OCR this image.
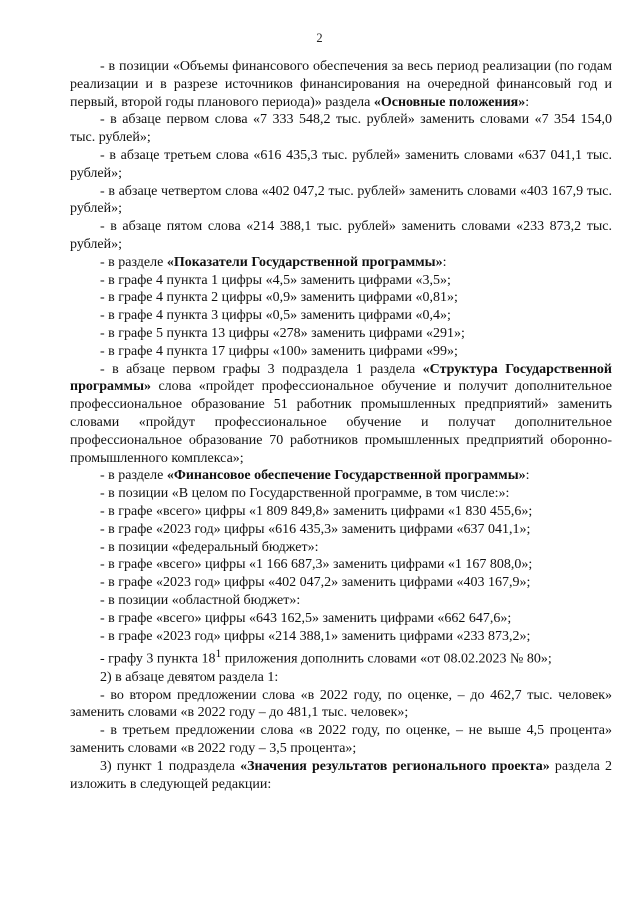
2

- в позиции «Объемы финансового обеспечения за весь период реализации (по годам реализации и в разрезе источников финансирования на очередной финансовый год и первый, второй годы планового периода)» раздела «Основные положения»:

- в абзаце первом слова «7 333 548,2 тыс. рублей» заменить словами «7 354 154,0 тыс. рублей»;

- в абзаце третьем слова «616 435,3 тыс. рублей» заменить словами «637 041,1 тыс. рублей»;

- в абзаце четвертом слова «402 047,2 тыс. рублей» заменить словами «403 167,9 тыс. рублей»;

- в абзаце пятом слова «214 388,1 тыс. рублей» заменить словами «233 873,2 тыс. рублей»;

- в разделе «Показатели Государственной программы»:

- в графе 4 пункта 1 цифры «4,5» заменить цифрами «3,5»;

- в графе 4 пункта 2 цифры «0,9» заменить цифрами «0,81»;

- в графе 4 пункта 3 цифры «0,5» заменить цифрами «0,4»;

- в графе 5 пункта 13 цифры «278» заменить цифрами «291»;

- в графе 4 пункта 17 цифры «100» заменить цифрами «99»;

- в абзаце первом графы 3 подраздела 1 раздела «Структура Государственной программы» слова «пройдет профессиональное обучение и получит дополнительное профессиональное образование 51 работник промышленных предприятий» заменить словами «пройдут профессиональное обучение и получат дополнительное профессиональное образование 70 работников промышленных предприятий оборонно-промышленного комплекса»;

- в разделе «Финансовое обеспечение Государственной программы»:

- в позиции «В целом по Государственной программе, в том числе:»:

- в графе «всего» цифры «1 809 849,8» заменить цифрами «1 830 455,6»;

- в графе «2023 год» цифры «616 435,3» заменить цифрами «637 041,1»;

- в позиции «федеральный бюджет»:

- в графе «всего» цифры «1 166 687,3» заменить цифрами «1 167 808,0»;

- в графе «2023 год» цифры «402 047,2» заменить цифрами «403 167,9»;

- в позиции «областной бюджет»:

- в графе «всего» цифры «643 162,5» заменить цифрами «662 647,6»;

- в графе «2023 год» цифры «214 388,1» заменить цифрами «233 873,2»;

- графу 3 пункта $18^1$ приложения дополнить словами «от 08.02.2023 № 80»;

2) в абзаце девятом раздела 1:

- во втором предложении слова «в 2022 году, по оценке, – до 462,7 тыс. человек» заменить словами «в 2022 году – до 481,1 тыс. человек»;

- в третьем предложении слова «в 2022 году, по оценке, – не выше 4,5 процента» заменить словами «в 2022 году – 3,5 процента»;

3) пункт 1 подраздела «Значения результатов регионального проекта» раздела 2 изложить в следующей редакции:
